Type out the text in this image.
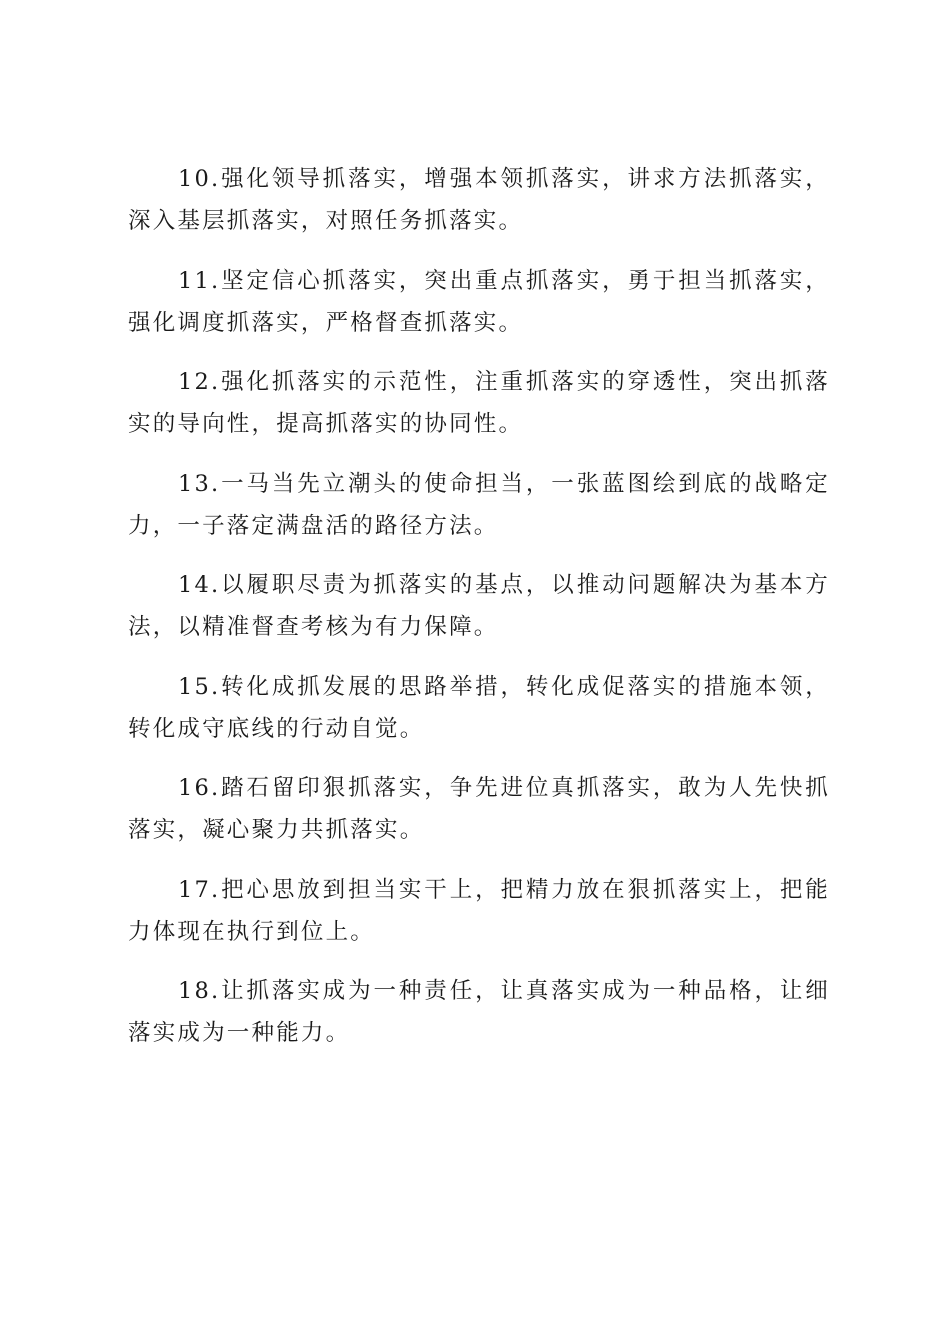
10.强化领导抓落实，增强本领抓落实，讲求方法抓落实，深入基层抓落实，对照任务抓落实。

11.坚定信心抓落实，突出重点抓落实，勇于担当抓落实，强化调度抓落实，严格督查抓落实。

12.强化抓落实的示范性，注重抓落实的穿透性，突出抓落实的导向性，提高抓落实的协同性。

13.一马当先立潮头的使命担当，一张蓝图绘到底的战略定力，一子落定满盘活的路径方法。

14.以履职尽责为抓落实的基点，以推动问题解决为基本方法，以精准督查考核为有力保障。

15.转化成抓发展的思路举措，转化成促落实的措施本领，转化成守底线的行动自觉。

16.踏石留印狠抓落实，争先进位真抓落实，敢为人先快抓落实，凝心聚力共抓落实。

17.把心思放到担当实干上，把精力放在狠抓落实上，把能力体现在执行到位上。

18.让抓落实成为一种责任，让真落实成为一种品格，让细落实成为一种能力。
